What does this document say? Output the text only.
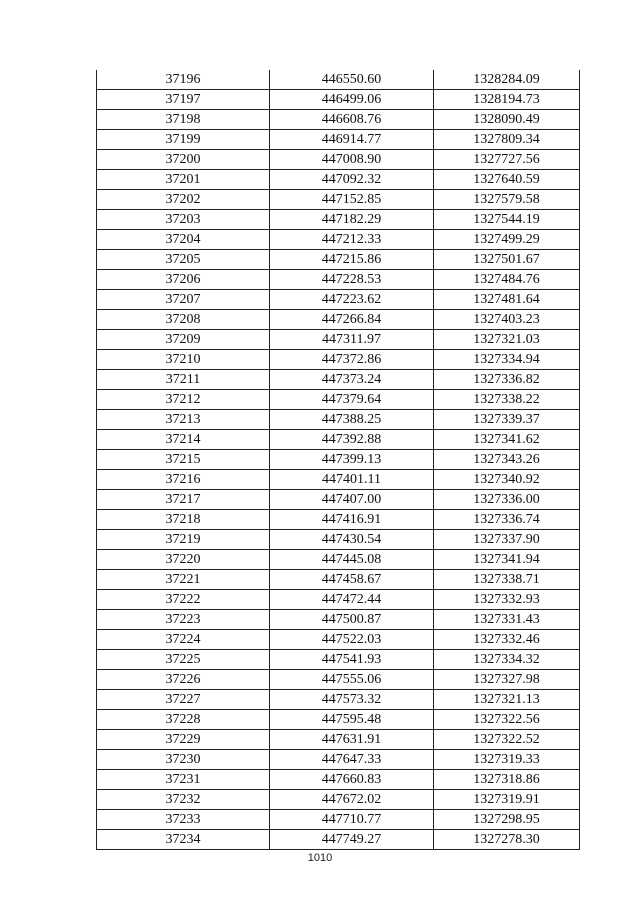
37196	446550.60	1328284.09
37197	446499.06	1328194.73
37198	446608.76	1328090.49
37199	446914.77	1327809.34
37200	447008.90	1327727.56
37201	447092.32	1327640.59
37202	447152.85	1327579.58
37203	447182.29	1327544.19
37204	447212.33	1327499.29
37205	447215.86	1327501.67
37206	447228.53	1327484.76
37207	447223.62	1327481.64
37208	447266.84	1327403.23
37209	447311.97	1327321.03
37210	447372.86	1327334.94
37211	447373.24	1327336.82
37212	447379.64	1327338.22
37213	447388.25	1327339.37
37214	447392.88	1327341.62
37215	447399.13	1327343.26
37216	447401.11	1327340.92
37217	447407.00	1327336.00
37218	447416.91	1327336.74
37219	447430.54	1327337.90
37220	447445.08	1327341.94
37221	447458.67	1327338.71
37222	447472.44	1327332.93
37223	447500.87	1327331.43
37224	447522.03	1327332.46
37225	447541.93	1327334.32
37226	447555.06	1327327.98
37227	447573.32	1327321.13
37228	447595.48	1327322.56
37229	447631.91	1327322.52
37230	447647.33	1327319.33
37231	447660.83	1327318.86
37232	447672.02	1327319.91
37233	447710.77	1327298.95
37234	447749.27	1327278.30
1010
